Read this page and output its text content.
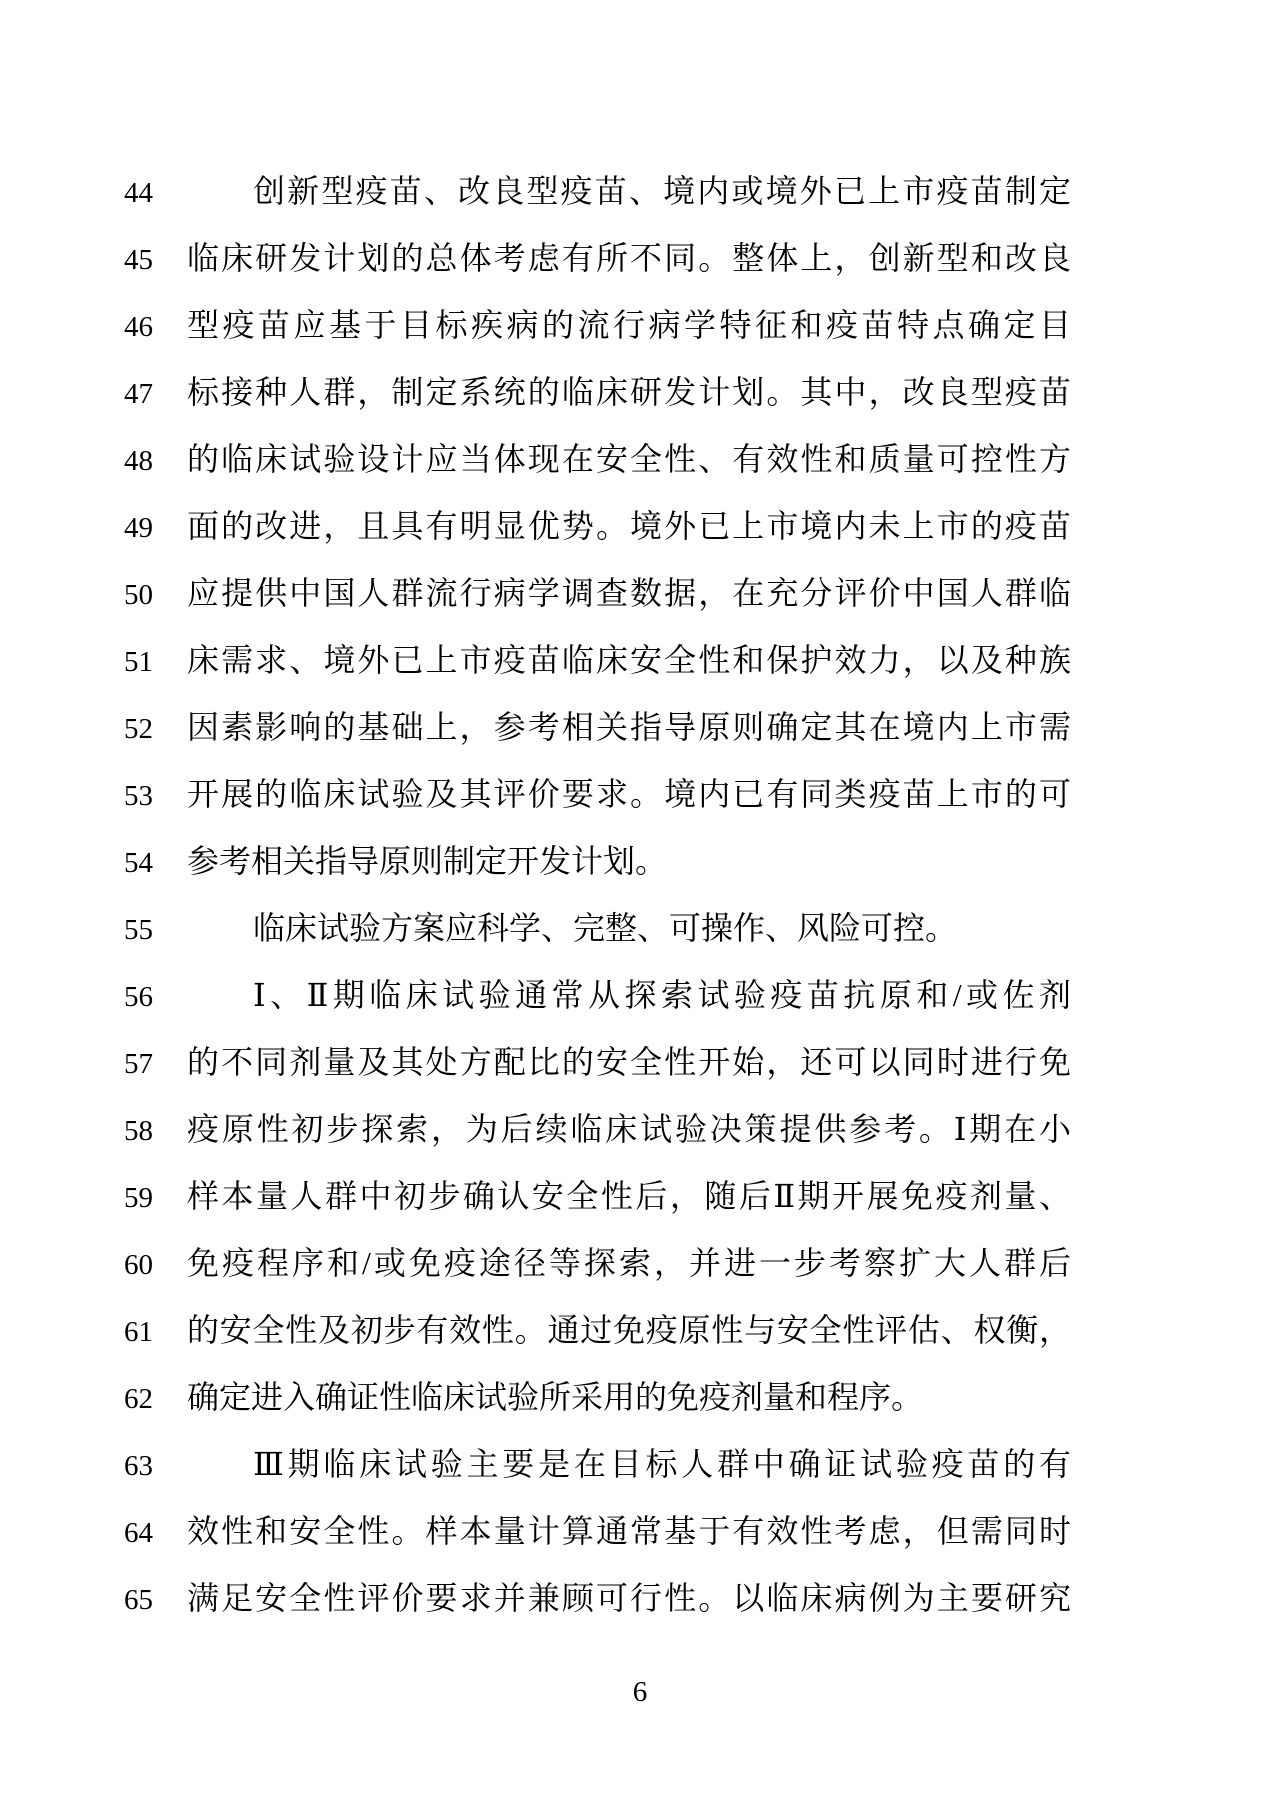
44	创新型疫苗、改良型疫苗、境内或境外已上市疫苗制定
45 临床研发计划的总体考虑有所不同。整体上，创新型和改良
46 型疫苗应基于目标疾病的流行病学特征和疫苗特点确定目
47 标接种人群，制定系统的临床研发计划。其中，改良型疫苗
48 的临床试验设计应当体现在安全性、有效性和质量可控性方
49 面的改进，且具有明显优势。境外已上市境内未上市的疫苗
50 应提供中国人群流行病学调查数据，在充分评价中国人群临
51 床需求、境外已上市疫苗临床安全性和保护效力，以及种族
52 因素影响的基础上，参考相关指导原则确定其在境内上市需
53 开展的临床试验及其评价要求。境内已有同类疫苗上市的可
54 参考相关指导原则制定开发计划。
55	临床试验方案应科学、完整、可操作、风险可控。
56	Ⅰ、Ⅱ期临床试验通常从探索试验疫苗抗原和/或佐剂
57 的不同剂量及其处方配比的安全性开始，还可以同时进行免
58 疫原性初步探索，为后续临床试验决策提供参考。Ⅰ期在小
59 样本量人群中初步确认安全性后，随后Ⅱ期开展免疫剂量、
60 免疫程序和/或免疫途径等探索，并进一步考察扩大人群后
61 的安全性及初步有效性。通过免疫原性与安全性评估、权衡，
62 确定进入确证性临床试验所采用的免疫剂量和程序。
63	Ⅲ期临床试验主要是在目标人群中确证试验疫苗的有
64 效性和安全性。样本量计算通常基于有效性考虑，但需同时
65 满足安全性评价要求并兼顾可行性。以临床病例为主要研究
6
